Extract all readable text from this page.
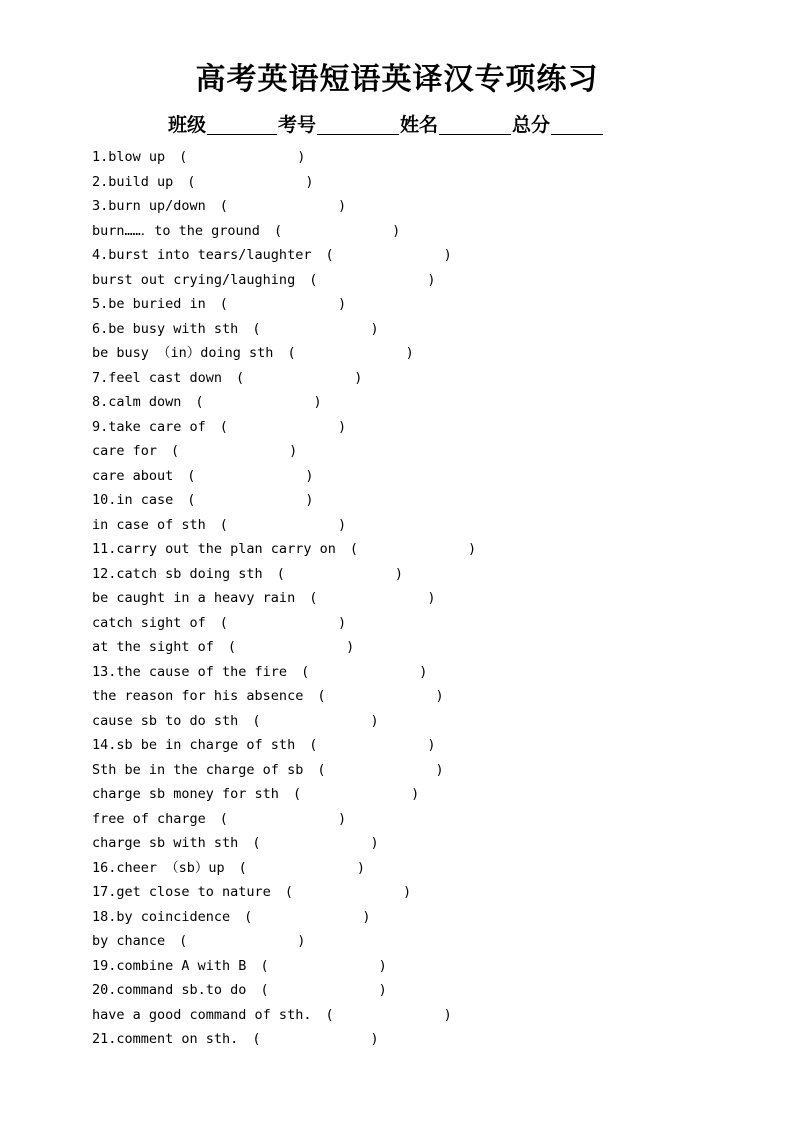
高考英语短语英译汉专项练习
班级	考号	姓名	总分
1.blow up (	)
2.build up (	)
3.burn up/down (	)
burn……．to the ground (	)
4.burst into tears/laughter (	)
burst out crying/laughing (	)
5.be buried in (	)
6.be busy with sth (	)
be busy （in）doing sth (	)
7.feel cast down (	)
8.calm down (	)
9.take care of (	)
care for (	)
care about (	)
10.in case (	)
in case of sth (	)
11.carry out the plan carry on (	)
12.catch sb doing sth (	)
be caught in a heavy rain (	)
catch sight of (	)
at the sight of (	)
13.the cause of the fire (	)
the reason for his absence (	)
cause sb to do sth (	)
14.sb be in charge of sth (	)
Sth be in the charge of sb (	)
charge sb money for sth (	)
free of charge (	)
charge sb with sth (	)
16.cheer （sb）up (	)
17.get close to nature (	)
18.by coincidence (	)
by chance (	)
19.combine A with B (	)
20.command sb.to do (	)
have a good command of sth. (	)
21.comment on sth. (	)
